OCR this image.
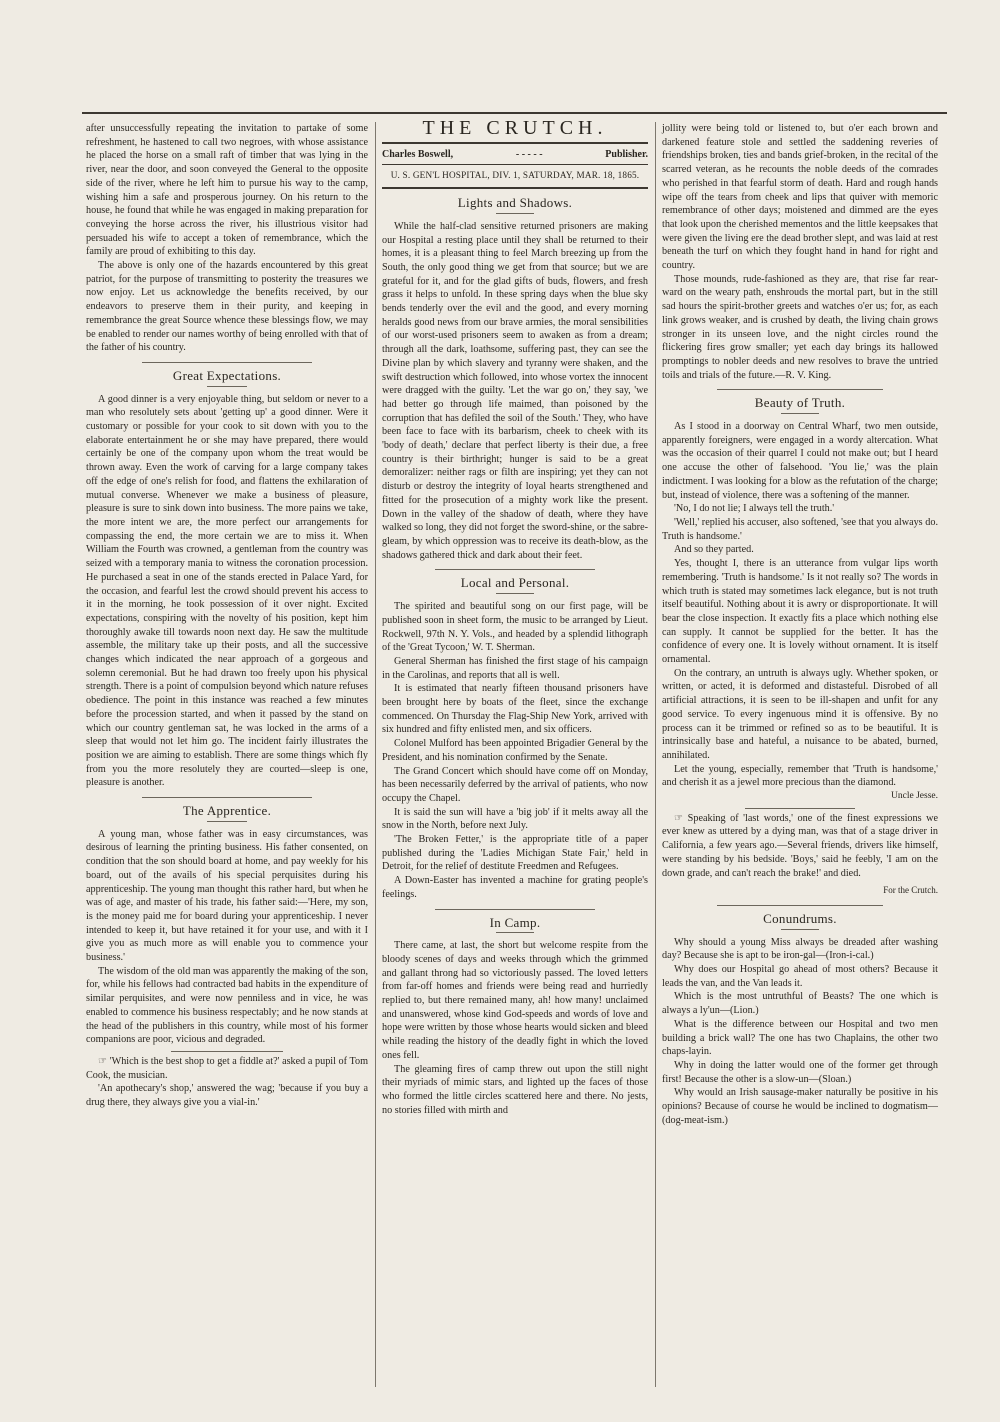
after unsuccessfully repeating the invitation to partake of some refreshment, he hastened to call two negroes, with whose assistance he placed the horse on a small raft of timber that was lying in the river, near the door, and soon conveyed the General to the opposite side of the river, where he left him to pursue his way to the camp, wishing him a safe and prosperous journey. On his return to the house, he found that while he was engaged in making preparation for conveying the horse across the river, his illustrious visitor had persuaded his wife to accept a token of remembrance, which the family are proud of exhibiting to this day.

The above is only one of the hazards encountered by this great patriot, for the purpose of transmitting to posterity the treasures we now enjoy. Let us acknowledge the benefits received, by our endeavors to preserve them in their purity, and keeping in remembrance the great Source whence these blessings flow, we may be enabled to render our names worthy of being enrolled with that of the father of his country.

Great Expectations.

A good dinner is a very enjoyable thing, but seldom or never to a man who resolutely sets about 'getting up' a good dinner. Were it customary or possible for your cook to sit down with you to the elaborate entertainment he or she may have prepared, there would certainly be one of the company upon whom the treat would be thrown away. Even the work of carving for a large company takes off the edge of one's relish for food, and flattens the exhilaration of mutual converse. Whenever we make a business of pleasure, pleasure is sure to sink down into business. The more pains we take, the more intent we are, the more perfect our arrangements for compassing the end, the more certain we are to miss it. When William the Fourth was crowned, a gentleman from the country was seized with a temporary mania to witness the coronation procession. He purchased a seat in one of the stands erected in Palace Yard, for the occasion, and fearful lest the crowd should prevent his access to it in the morning, he took possession of it over night. Excited expectations, conspiring with the novelty of his position, kept him thoroughly awake till towards noon next day. He saw the multitude assemble, the military take up their posts, and all the successive changes which indicated the near approach of a gorgeous and solemn ceremonial. But he had drawn too freely upon his physical strength. There is a point of compulsion beyond which nature refuses obedience. The point in this instance was reached a few minutes before the procession started, and when it passed by the stand on which our country gentleman sat, he was locked in the arms of a sleep that would not let him go. The incident fairly illustrates the position we are aiming to establish. There are some things which fly from you the more resolutely they are courted—sleep is one, pleasure is another.

The Apprentice.

A young man, whose father was in easy circumstances, was desirous of learning the printing business. His father consented, on condition that the son should board at home, and pay weekly for his board, out of the avails of his special perquisites during his apprenticeship. The young man thought this rather hard, but when he was of age, and master of his trade, his father said:—'Here, my son, is the money paid me for board during your apprenticeship. I never intended to keep it, but have retained it for your use, and with it I give you as much more as will enable you to commence your business.'

The wisdom of the old man was apparently the making of the son, for, while his fellows had contracted bad habits in the expenditure of similar perquisites, and were now penniless and in vice, he was enabled to commence his business respectably; and he now stands at the head of the publishers in this country, while most of his former companions are poor, vicious and degraded.

☞ 'Which is the best shop to get a fiddle at?' asked a pupil of Tom Cook, the musician.

'An apothecary's shop,' answered the wag; 'because if you buy a drug there, they always give you a vial-in.'

THE CRUTCH.
Charles Boswell,	- - - - -	Publisher.
U. S. GEN'L HOSPITAL, DIV. 1, SATURDAY, MAR. 18, 1865.
Lights and Shadows.

While the half-clad sensitive returned prisoners are making our Hospital a resting place until they shall be returned to their homes, it is a pleasant thing to feel March breezing up from the South, the only good thing we get from that source; but we are grateful for it, and for the glad gifts of buds, flowers, and fresh grass it helps to unfold. In these spring days when the blue sky bends tenderly over the evil and the good, and every morning heralds good news from our brave armies, the moral sensibilities of our worst-used prisoners seem to awaken as from a dream; through all the dark, loathsome, suffering past, they can see the Divine plan by which slavery and tyranny were shaken, and the swift destruction which followed, into whose vortex the innocent were dragged with the guilty. 'Let the war go on,' they say, 'we had better go through life maimed, than poisoned by the corruption that has defiled the soil of the South.' They, who have been face to face with its barbarism, cheek to cheek with its 'body of death,' declare that perfect liberty is their due, a free country is their birthright; hunger is said to be a great demoralizer: neither rags or filth are inspiring; yet they can not disturb or destroy the integrity of loyal hearts strengthened and fitted for the prosecution of a mighty work like the present. Down in the valley of the shadow of death, where they have walked so long, they did not forget the sword-shine, or the sabre-gleam, by which oppression was to receive its death-blow, as the shadows gathered thick and dark about their feet.

Local and Personal.

The spirited and beautiful song on our first page, will be published soon in sheet form, the music to be arranged by Lieut. Rockwell, 97th N. Y. Vols., and headed by a splendid lithograph of the 'Great Tycoon,' W. T. Sherman.

General Sherman has finished the first stage of his campaign in the Carolinas, and reports that all is well.

It is estimated that nearly fifteen thousand prisoners have been brought here by boats of the fleet, since the exchange commenced. On Thursday the Flag-Ship New York, arrived with six hundred and fifty enlisted men, and six officers.

Colonel Mulford has been appointed Brigadier General by the President, and his nomination confirmed by the Senate.

The Grand Concert which should have come off on Monday, has been necessarily deferred by the arrival of patients, who now occupy the Chapel.

It is said the sun will have a 'big job' if it melts away all the snow in the North, before next July.

'The Broken Fetter,' is the appropriate title of a paper published during the 'Ladies Michigan State Fair,' held in Detroit, for the relief of destitute Freedmen and Refugees.

A Down-Easter has invented a machine for grating people's feelings.

In Camp.

There came, at last, the short but welcome respite from the bloody scenes of days and weeks through which the grimmed and gallant throng had so victoriously passed. The loved letters from far-off homes and friends were being read and hurriedly replied to, but there remained many, ah! how many! unclaimed and unanswered, whose kind God-speeds and words of love and hope were written by those whose hearts would sicken and bleed while reading the history of the deadly fight in which the loved ones fell.

The gleaming fires of camp threw out upon the still night their myriads of mimic stars, and lighted up the faces of those who formed the little circles scattered here and there. No jests, no stories filled with mirth and

jollity were being told or listened to, but o'er each brown and darkened feature stole and settled the saddening reveries of friendships broken, ties and bands grief-broken, in the recital of the scarred veteran, as he recounts the noble deeds of the comrades who perished in that fearful storm of death. Hard and rough hands wipe off the tears from cheek and lips that quiver with memoric remembrance of other days; moistened and dimmed are the eyes that look upon the cherished mementos and the little keepsakes that were given the living ere the dead brother slept, and was laid at rest beneath the turf on which they fought hand in hand for right and country.

Those mounds, rude-fashioned as they are, that rise far rear-ward on the weary path, enshrouds the mortal part, but in the still sad hours the spirit-brother greets and watches o'er us; for, as each link grows weaker, and is crushed by death, the living chain grows stronger in its unseen love, and the night circles round the flickering fires grow smaller; yet each day brings its hallowed promptings to nobler deeds and new resolves to brave the untried toils and trials of the future.—R. V. King.

Beauty of Truth.

As I stood in a doorway on Central Wharf, two men outside, apparently foreigners, were engaged in a wordy altercation. What was the occasion of their quarrel I could not make out; but I heard one accuse the other of falsehood. 'You lie,' was the plain indictment. I was looking for a blow as the refutation of the charge; but, instead of violence, there was a softening of the manner.

'No, I do not lie; I always tell the truth.'

'Well,' replied his accuser, also softened, 'see that you always do. Truth is handsome.'

And so they parted.

Yes, thought I, there is an utterance from vulgar lips worth remembering. 'Truth is handsome.' Is it not really so? The words in which truth is stated may sometimes lack elegance, but is not truth itself beautiful. Nothing about it is awry or disproportionate. It will bear the close inspection. It exactly fits a place which nothing else can supply. It cannot be supplied for the better. It has the confidence of every one. It is lovely without ornament. It is itself ornamental.

On the contrary, an untruth is always ugly. Whether spoken, or written, or acted, it is deformed and distasteful. Disrobed of all artificial attractions, it is seen to be ill-shapen and unfit for any good service. To every ingenuous mind it is offensive. By no process can it be trimmed or refined so as to be beautiful. It is intrinsically base and hateful, a nuisance to be abated, burned, annihilated.

Let the young, especially, remember that 'Truth is handsome,' and cherish it as a jewel more precious than the diamond.

Uncle Jesse.

☞ Speaking of 'last words,' one of the finest expressions we ever knew as uttered by a dying man, was that of a stage driver in California, a few years ago.—Several friends, drivers like himself, were standing by his bedside. 'Boys,' said he feebly, 'I am on the down grade, and can't reach the brake!' and died.

For the Crutch.
Conundrums.

Why should a young Miss always be dreaded after washing day? Because she is apt to be iron-gal—(Iron-i-cal.)

Why does our Hospital go ahead of most others? Because it leads the van, and the Van leads it.

Which is the most untruthful of Beasts? The one which is always a ly'un—(Lion.)

What is the difference between our Hospital and two men building a brick wall? The one has two Chaplains, the other two chaps-layin.

Why in doing the latter would one of the former get through first! Because the other is a slow-un—(Sloan.)

Why would an Irish sausage-maker naturally be positive in his opinions? Because of course he would be inclined to dogmatism—(dog-meat-ism.)
